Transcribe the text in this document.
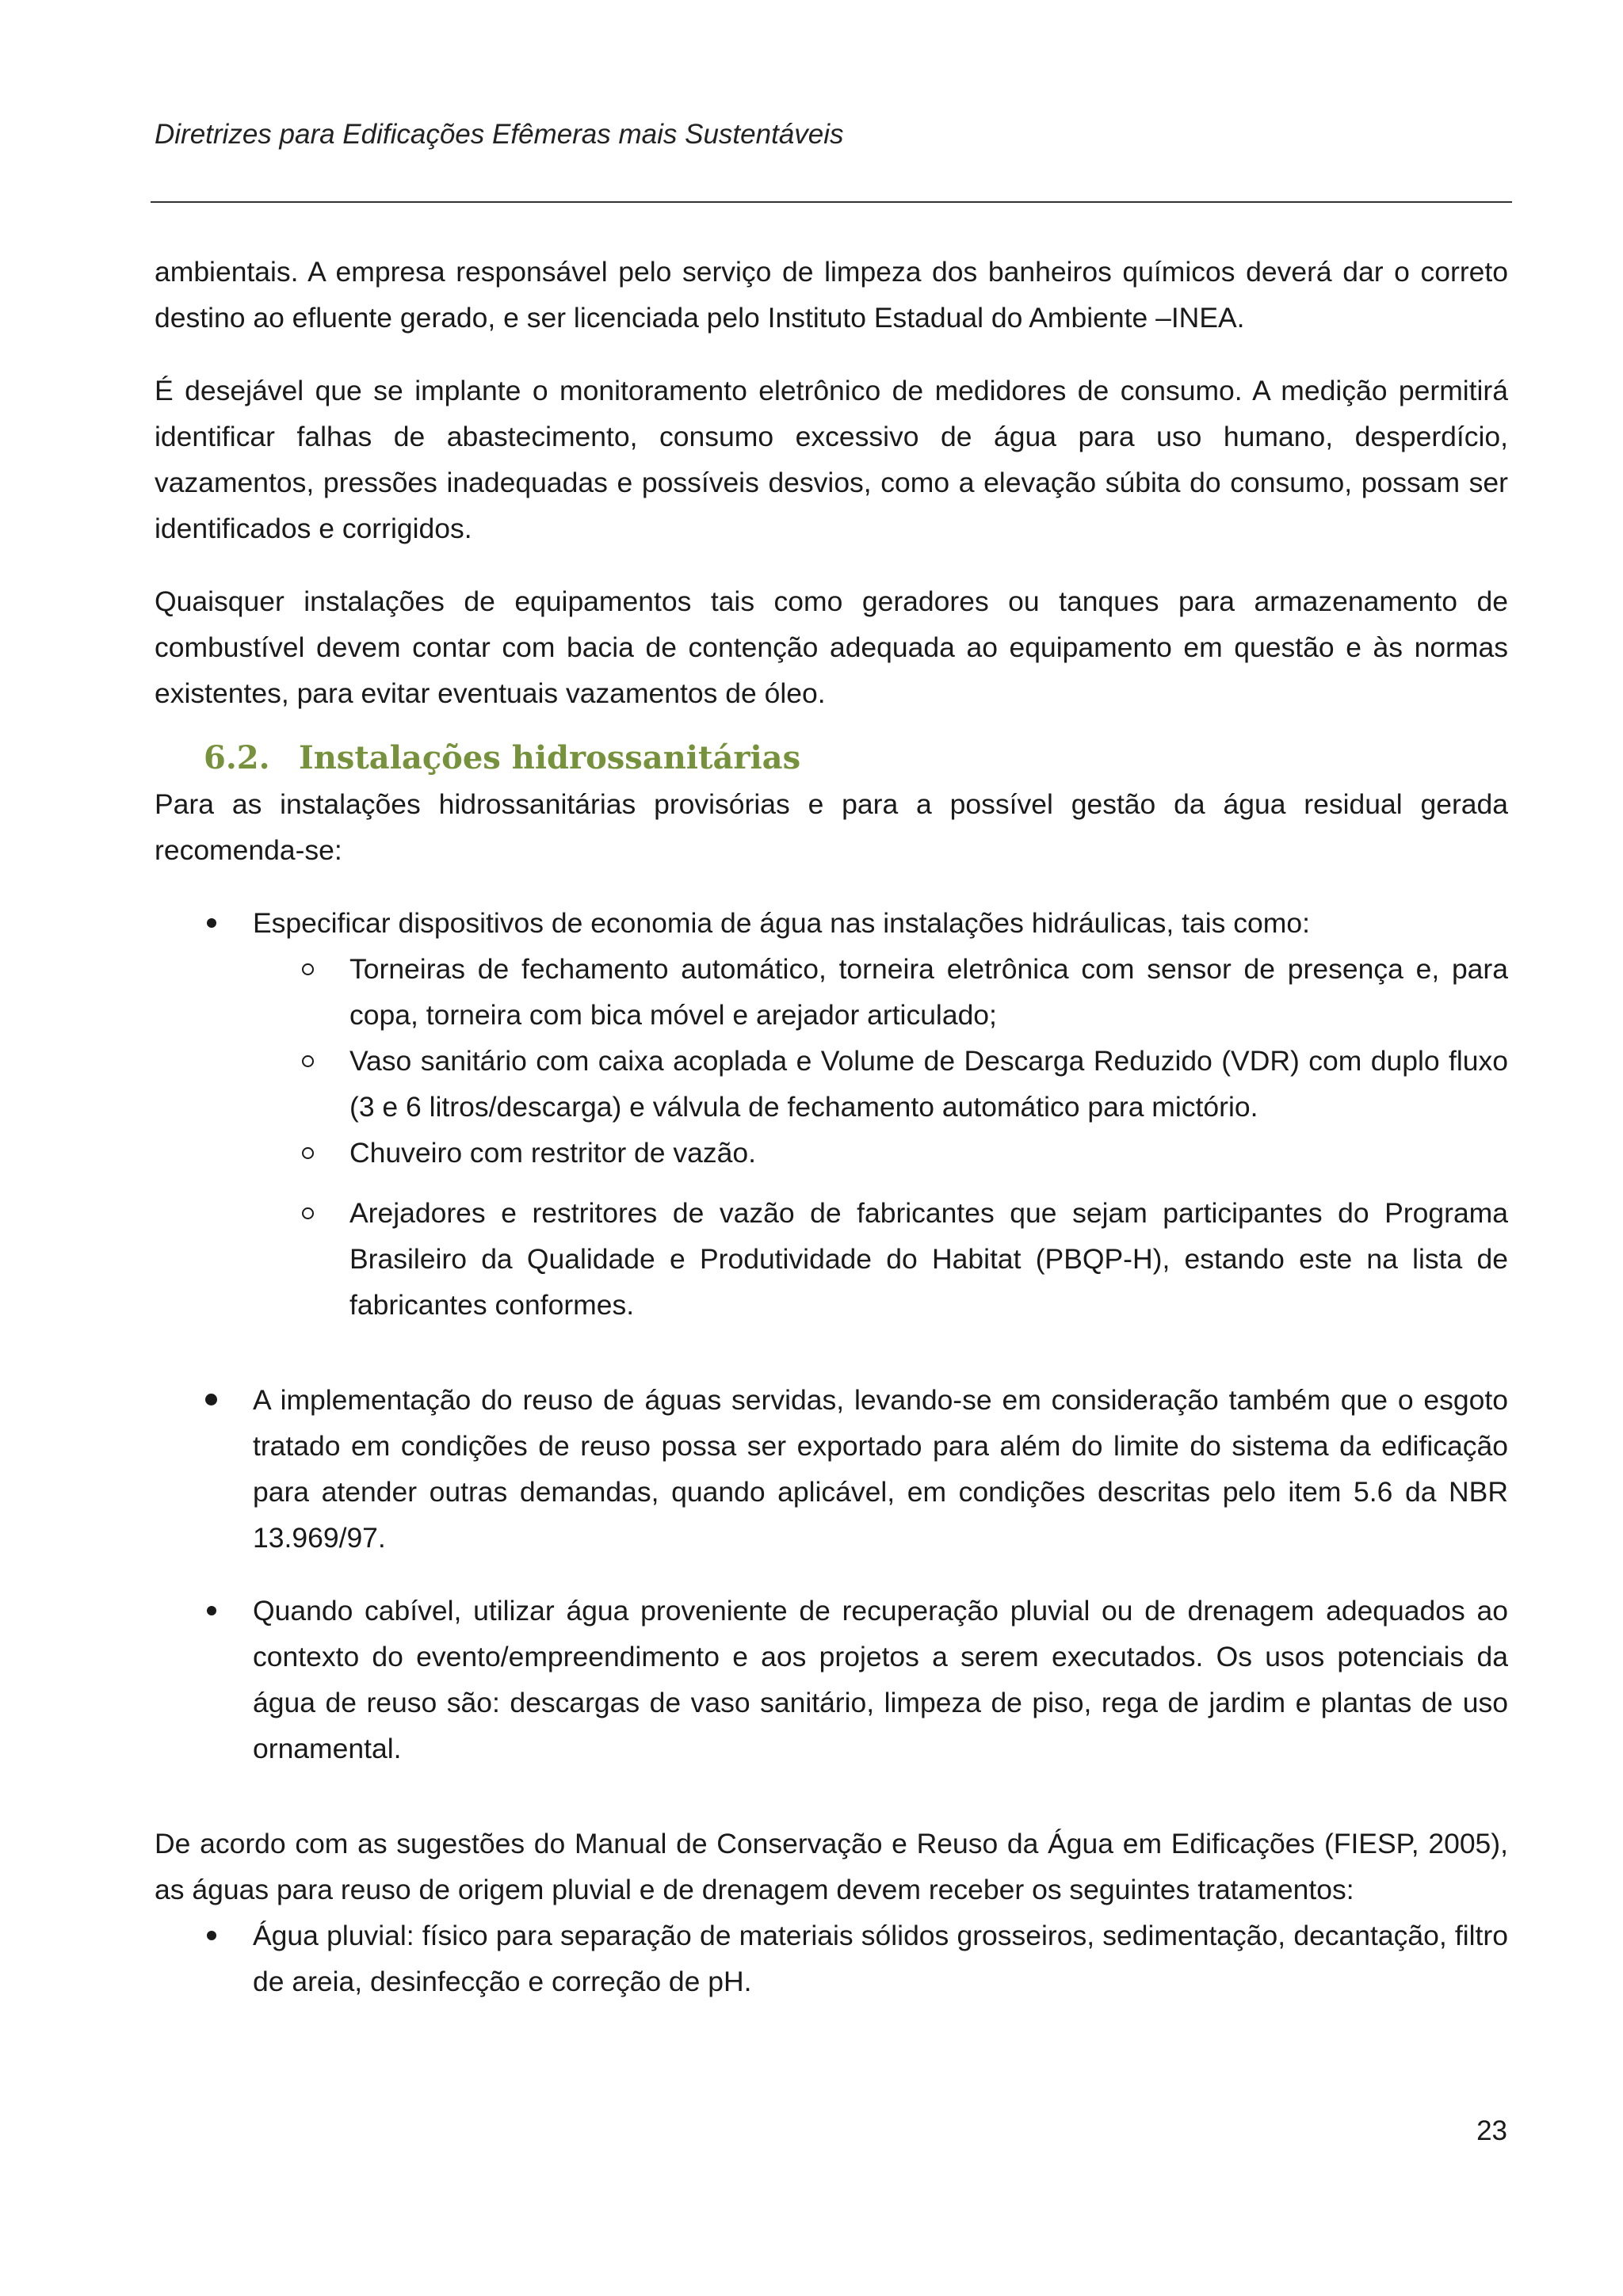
Diretrizes para Edificações Efêmeras mais Sustentáveis

ambientais. A empresa responsável pelo serviço de limpeza dos banheiros químicos deverá dar o correto destino ao efluente gerado, e ser licenciada pelo Instituto Estadual do Ambiente –INEA.

É desejável que se implante o monitoramento eletrônico de medidores de consumo. A medição permitirá identificar falhas de abastecimento, consumo excessivo de água para uso humano, desperdício, vazamentos, pressões inadequadas e possíveis desvios, como a elevação súbita do consumo, possam ser identificados e corrigidos.

Quaisquer instalações de equipamentos tais como geradores ou tanques para armazenamento de combustível devem contar com bacia de contenção adequada ao equipamento em questão e às normas existentes, para evitar eventuais vazamentos de óleo.

6.2. Instalações hidrossanitárias

Para as instalações hidrossanitárias provisórias e para a possível gestão da água residual gerada recomenda-se:

Especificar dispositivos de economia de água nas instalações hidráulicas, tais como:
Torneiras de fechamento automático, torneira eletrônica com sensor de presença e, para copa, torneira com bica móvel e arejador articulado;
Vaso sanitário com caixa acoplada e Volume de Descarga Reduzido (VDR) com duplo fluxo (3 e 6 litros/descarga) e válvula de fechamento automático para mictório.
Chuveiro com restritor de vazão.
Arejadores e restritores de vazão de fabricantes que sejam participantes do Programa Brasileiro da Qualidade e Produtividade do Habitat (PBQP-H), estando este na lista de fabricantes conformes.
A implementação do reuso de águas servidas, levando-se em consideração também que o esgoto tratado em condições de reuso possa ser exportado para além do limite do sistema da edificação para atender outras demandas, quando aplicável, em condições descritas pelo item 5.6 da NBR 13.969/97.
Quando cabível, utilizar água proveniente de recuperação pluvial ou de drenagem adequados ao contexto do evento/empreendimento e aos projetos a serem executados. Os usos potenciais da água de reuso são: descargas de vaso sanitário, limpeza de piso, rega de jardim e plantas de uso ornamental.

De acordo com as sugestões do Manual de Conservação e Reuso da Água em Edificações (FIESP, 2005), as águas para reuso de origem pluvial e de drenagem devem receber os seguintes tratamentos:

Água pluvial: físico para separação de materiais sólidos grosseiros, sedimentação, decantação, filtro de areia, desinfecção e correção de pH.
23
